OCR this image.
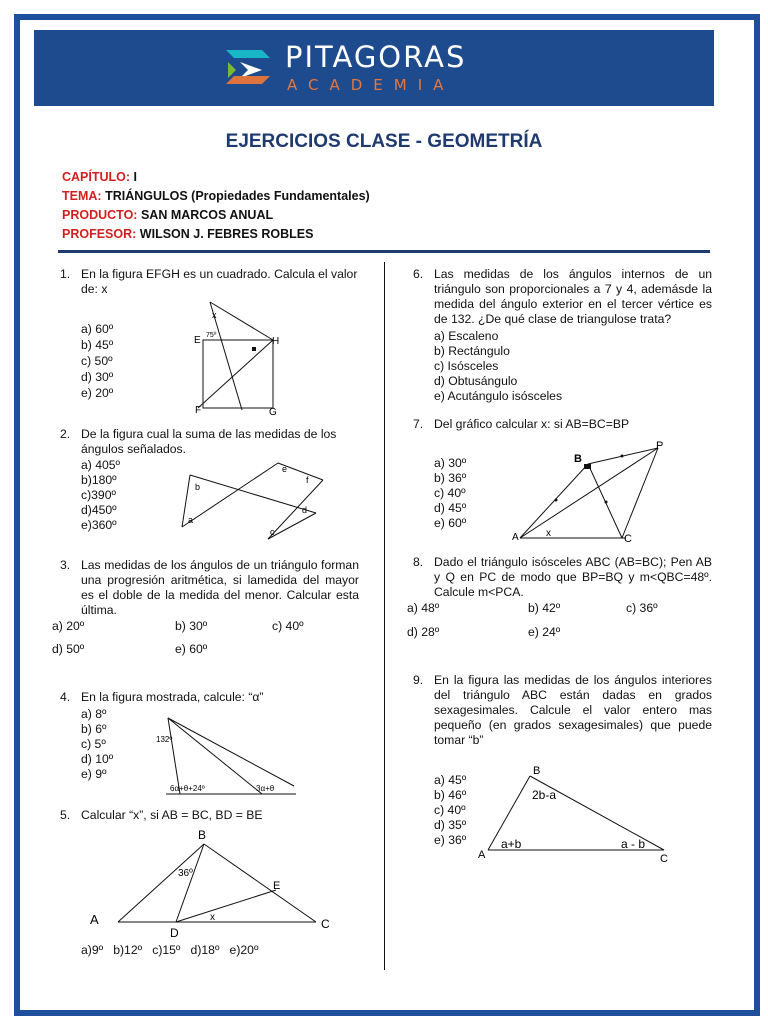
PITAGORAS
ACADEMIA
EJERCICIOS CLASE - GEOMETRÍA
CAPÍTULO: I
TEMA: TRIÁNGULOS (Propiedades Fundamentales)
PRODUCTO: SAN MARCOS ANUAL
PROFESOR: WILSON J. FEBRES ROBLES
1. En la figura EFGH es un cuadrado. Calcula el valor de: x
a) 60º
b) 45º
c) 50º
d) 30º
e) 20º
E	H
F	G
x
75º
2. De la figura cual la suma de las medidas de los ángulos señalados.
a) 405º
b)180º
c)390º
d)450º
e)360º	a
b
c
d
e
f
3. Las medidas de los ángulos de un triángulo forman una progresión aritmética, si lamedida del mayor es el doble de la medida del menor. Calcular esta última.
a) 20º	b) 30º	c) 40º
d) 50º	e) 60º
4. En la figura mostrada, calcule: “α”
a) 8º
b) 6º
c) 5º
d) 10º
e) 9º
132º
6α+θ+24º	3α+θ
5. Calcular “x”, si AB = BC, BD = BE
A
B
C
D
E
36º
x
a)9º   b)12º   c)15º   d)18º   e)20º
6. Las medidas de los ángulos internos de un triángulo son proporcionales a 7 y 4, ademásde la medida del ángulo exterior en el tercer vértice es de 132. ¿De qué clase de triangulose trata?
a) Escaleno
b) Rectángulo
c) Isósceles
d) Obtusángulo
e) Acutángulo isósceles
7. Del gráfico calcular x: si AB=BC=BP
a) 30º
b) 36º
c) 40º
d) 45º
e) 60º
B
A	C
P
x
8. Dado el triángulo isósceles ABC (AB=BC); Pen AB y Q en PC de modo que BP=BQ y m<QBC=48º. Calcule m<PCA.
a) 48º	b) 42º	c) 36º
d) 28º	e) 24º
9. En la figura las medidas de los ángulos interiores del triángulo ABC están dadas en grados sexagesimales. Calcule el valor entero mas pequeño (en grados sexagesimales) que puede tomar “b”
a) 45º
b) 46º
c) 40º
d) 35º
e) 36º
A
B
C
2b-a
a+b	a - b
